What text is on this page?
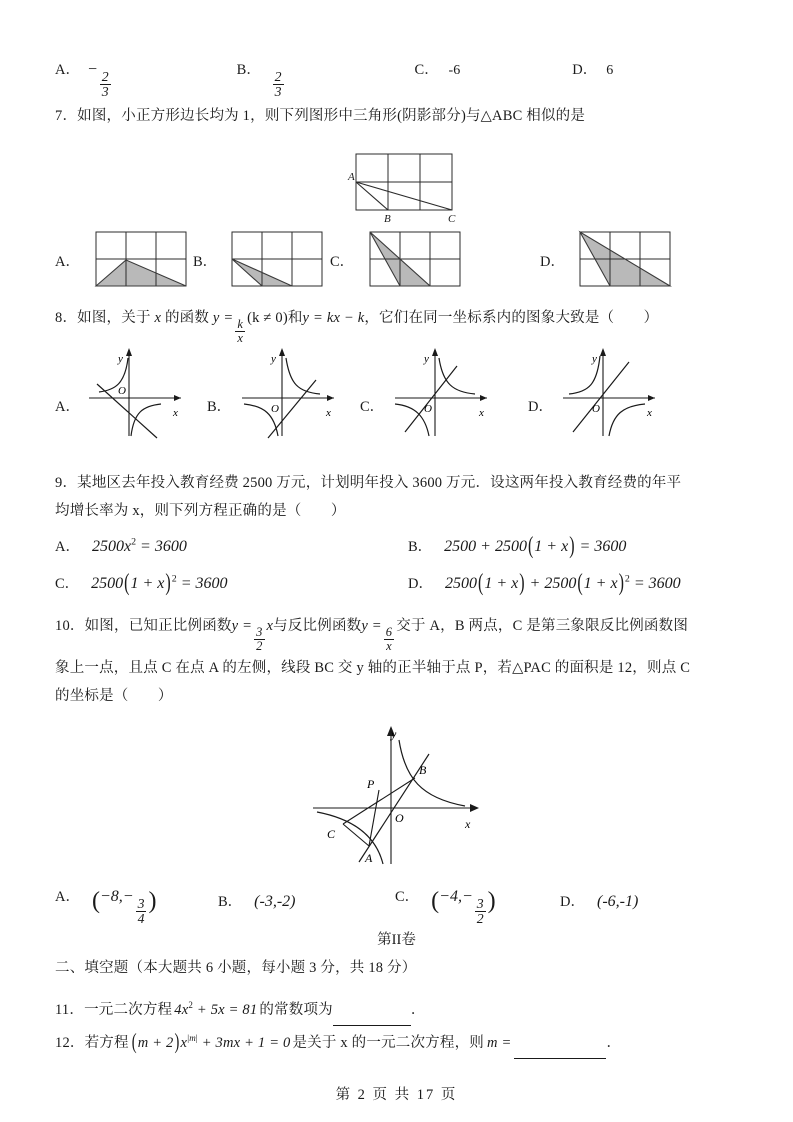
A． −
$\frac{2}{3}$	B． $\frac{2}{3}$	C． -6	D． 6
7．如图，小正方形边长均为 1，则下列图形中三角形(阴影部分)与△ABC 相似的是
A
B	C
A．	B．	C．	D．
8．如图，关于 x 的函数 $y = \frac{k}{x} (k \ne 0)$和y = kx − k，它们在同一坐标系内的图象大致是（　　）
A．
O
y
x B．	O
y
x C．	O
y
x	D．	O
y
x
9．某地区去年投入教育经费 2500 万元，计划明年投入 3600 万元．设这两年投入教育经费的年平
均增长率为 x，则下列方程正确的是（　　）
A． $2500x^2 = 3600$	B． 2500 + 2500(1 + x) = 3600
C． $2500(1 + x)^2 = 3600$	D． $2500(1 + x) + 2500(1 + x)^2 = 3600$
10．如图，已知正比例函数$y = \frac{3}{2}$ x与反比例函数$y = \frac{6}{x}$ 交于 A，B 两点，C 是第三象限反比例函数图
象上一点，且点 C 在点 A 的左侧，线段 BC 交 y 轴的正半轴于点 P，若△PAC 的面积是 12，则点 C
的坐标是（　　）
y
x
O
P
B
C
A
A． (−8,−
$\frac{3}{4}$ )	B． (-3,-2)	C． (−4,−
$\frac{3}{2}$ )	D． (-6,-1)
第II卷
二、填空题（本大题共 6 小题，每小题 3 分，共 18 分）
11．一元二次方程 $4x^2 + 5x = 81$ 的常数项为	．
12．若方程 $(m + 2)x^{|m|} + 3mx + 1 = 0$ 是关于 x 的一元二次方程，则 m =	．
第 2 页 共 17 页
